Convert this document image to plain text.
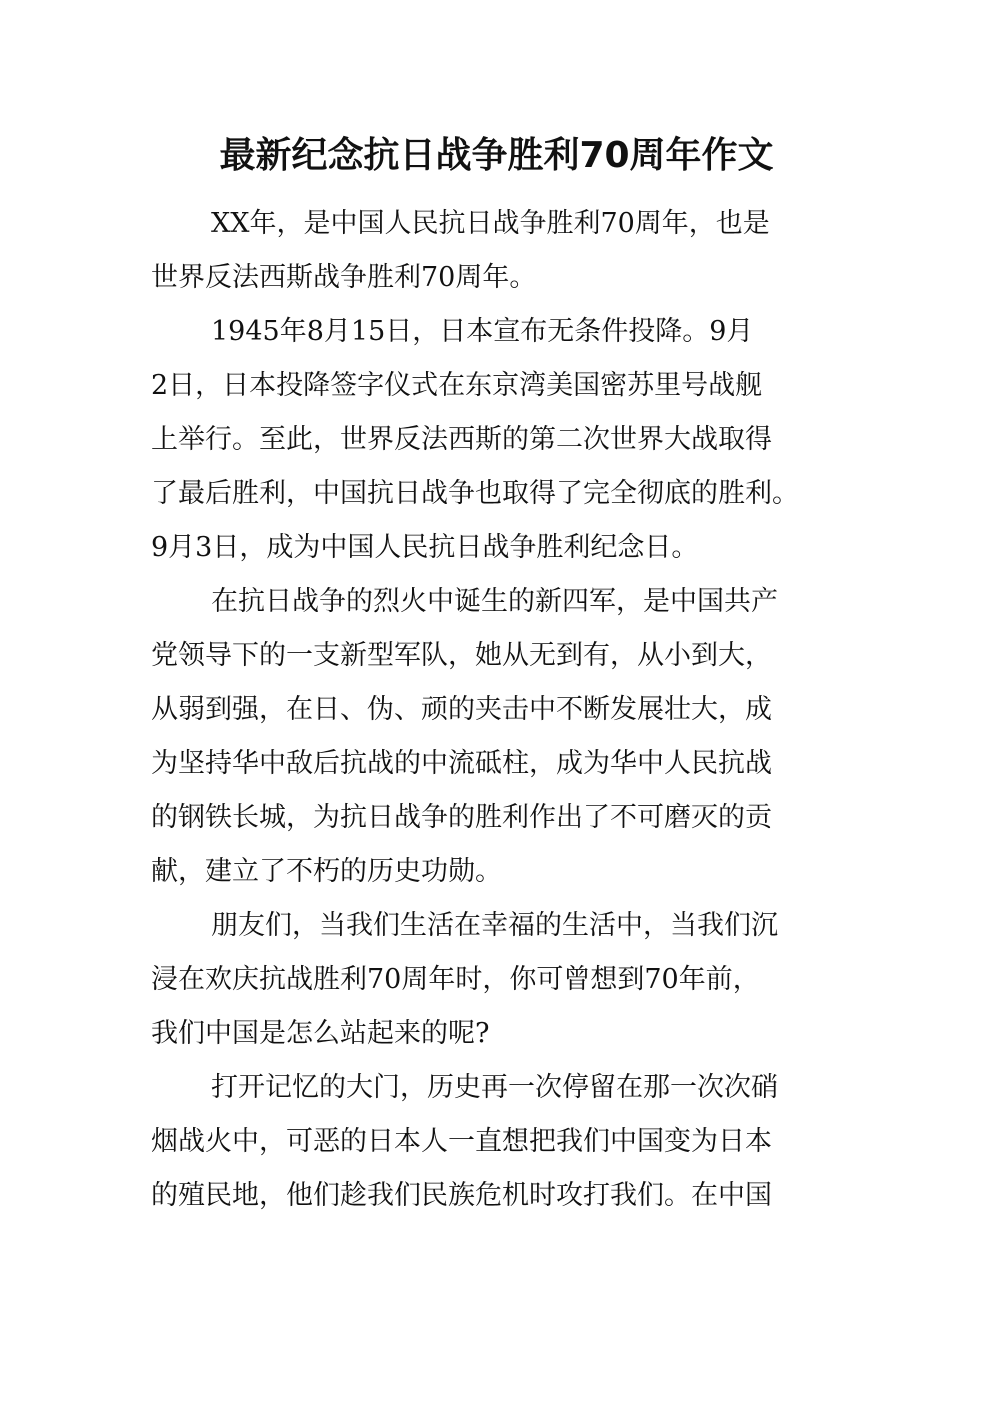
最新纪念抗日战争胜利70周年作文
XX年，是中国人民抗日战争胜利70周年，也是
世界反法西斯战争胜利70周年。
1945年8月15日，日本宣布无条件投降。9月
2日，日本投降签字仪式在东京湾美国密苏里号战舰
上举行。至此，世界反法西斯的第二次世界大战取得
了最后胜利，中国抗日战争也取得了完全彻底的胜利。
9月3日，成为中国人民抗日战争胜利纪念日。
在抗日战争的烈火中诞生的新四军，是中国共产
党领导下的一支新型军队，她从无到有，从小到大，
从弱到强，在日、伪、顽的夹击中不断发展壮大，成
为坚持华中敌后抗战的中流砥柱，成为华中人民抗战
的钢铁长城，为抗日战争的胜利作出了不可磨灭的贡
献，建立了不朽的历史功勋。
朋友们，当我们生活在幸福的生活中，当我们沉
浸在欢庆抗战胜利70周年时，你可曾想到70年前，
我们中国是怎么站起来的呢?
打开记忆的大门，历史再一次停留在那一次次硝
烟战火中，可恶的日本人一直想把我们中国变为日本
的殖民地，他们趁我们民族危机时攻打我们。在中国
